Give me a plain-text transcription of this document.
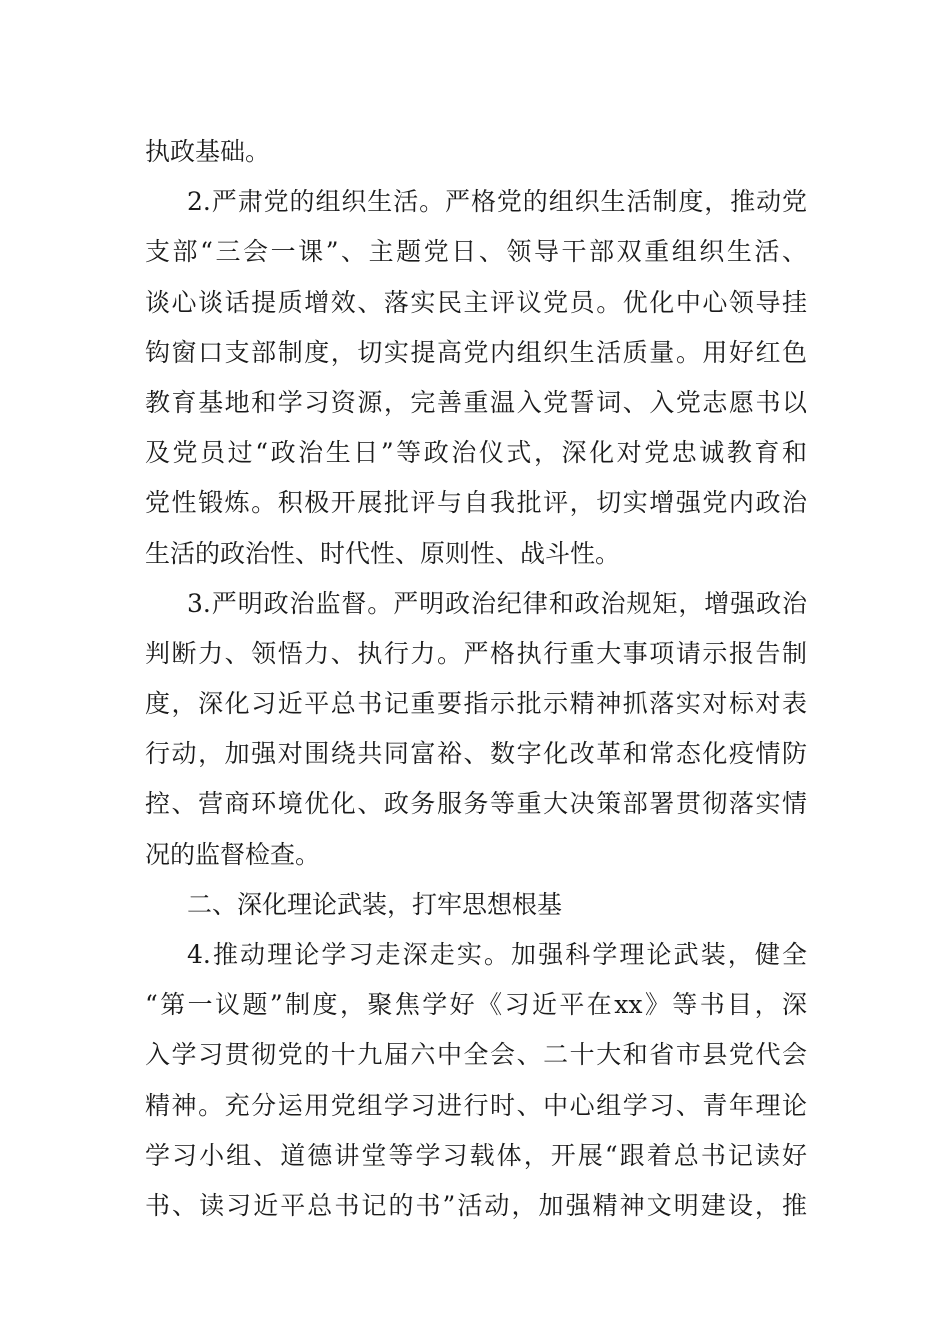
执政基础。
2.严肃党的组织生活。严格党的组织生活制度，推动党
支部“三会一课”、主题党日、领导干部双重组织生活、
谈心谈话提质增效、落实民主评议党员。优化中心领导挂
钩窗口支部制度，切实提高党内组织生活质量。用好红色
教育基地和学习资源，完善重温入党誓词、入党志愿书以
及党员过“政治生日”等政治仪式，深化对党忠诚教育和
党性锻炼。积极开展批评与自我批评，切实增强党内政治
生活的政治性、时代性、原则性、战斗性。
3.严明政治监督。严明政治纪律和政治规矩，增强政治
判断力、领悟力、执行力。严格执行重大事项请示报告制
度，深化习近平总书记重要指示批示精神抓落实对标对表
行动，加强对围绕共同富裕、数字化改革和常态化疫情防
控、营商环境优化、政务服务等重大决策部署贯彻落实情
况的监督检查。
二、深化理论武装，打牢思想根基
4.推动理论学习走深走实。加强科学理论武装，健全
“第一议题”制度，聚焦学好《习近平在xx》等书目，深
入学习贯彻党的十九届六中全会、二十大和省市县党代会
精神。充分运用党组学习进行时、中心组学习、青年理论
学习小组、道德讲堂等学习载体，开展“跟着总书记读好
书、读习近平总书记的书”活动，加强精神文明建设，推
